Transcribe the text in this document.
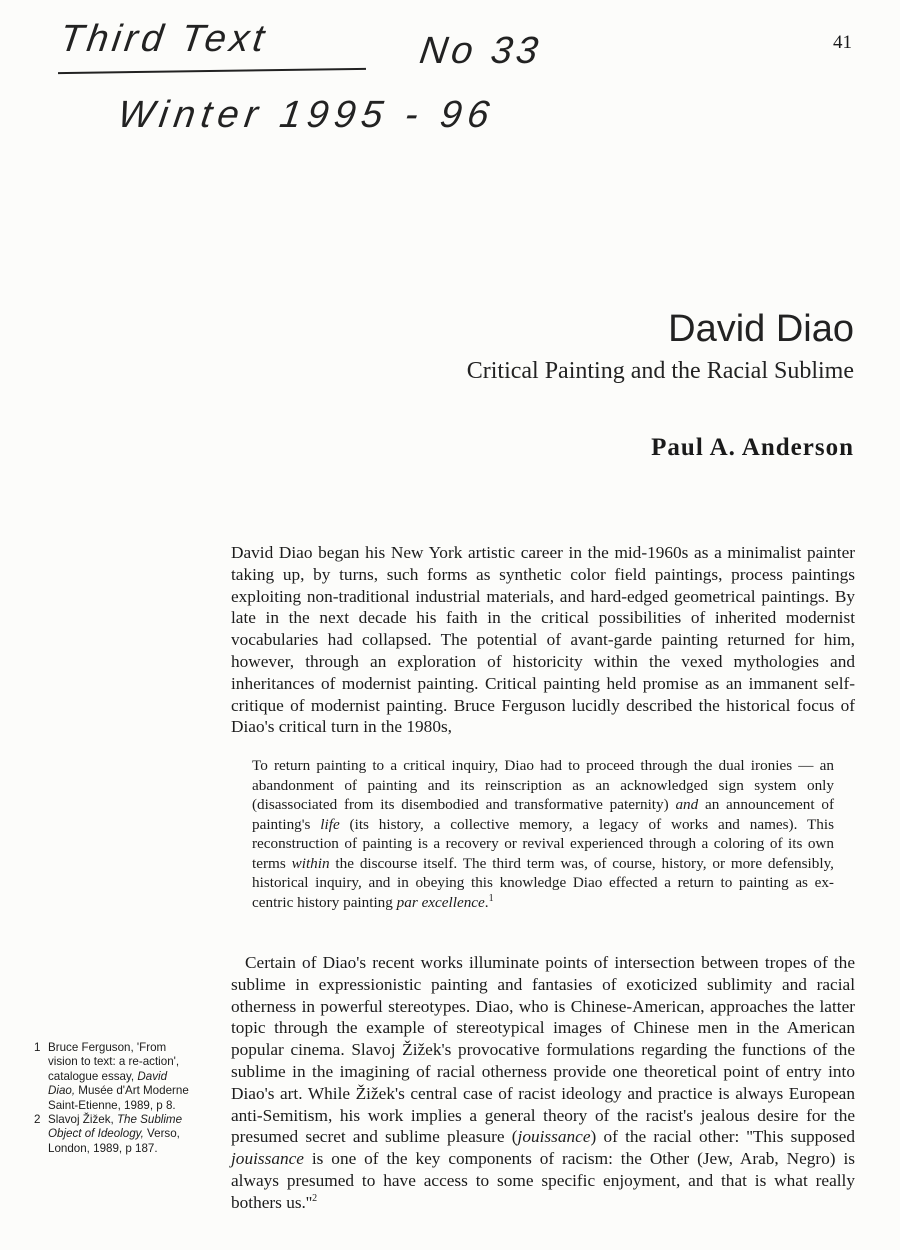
Third Text	No 33
Winter 1995 - 96
41
David Diao
Critical Painting and the Racial Sublime
Paul A. Anderson

David Diao began his New York artistic career in the mid-1960s as a minimalist painter taking up, by turns, such forms as synthetic color field paintings, process paintings exploiting non-traditional industrial materials, and hard-edged geometrical paintings. By late in the next decade his faith in the critical possibilities of inherited modernist vocabularies had collapsed. The potential of avant-garde painting returned for him, however, through an exploration of historicity within the vexed mythologies and inheritances of modernist painting. Critical painting held promise as an immanent self-critique of modernist painting. Bruce Ferguson lucidly described the historical focus of Diao's critical turn in the 1980s,

To return painting to a critical inquiry, Diao had to proceed through the dual ironies — an abandonment of painting and its reinscription as an acknowledged sign system only (disassociated from its disembodied and transformative paternity) and an announcement of painting's life (its history, a collective memory, a legacy of works and names). This reconstruction of painting is a recovery or revival experienced through a coloring of its own terms within the discourse itself. The third term was, of course, history, or more defensibly, historical inquiry, and in obeying this knowledge Diao effected a return to painting as ex-centric history painting par excellence.$^1$

Certain of Diao's recent works illuminate points of intersection between tropes of the sublime in expressionistic painting and fantasies of exoticized sublimity and racial otherness in powerful stereotypes. Diao, who is Chinese-American, approaches the latter topic through the example of stereotypical images of Chinese men in the American popular cinema. Slavoj Žižek's provocative formulations regarding the functions of the sublime in the imagining of racial otherness provide one theoretical point of entry into Diao's art. While Žižek's central case of racist ideology and practice is always European anti-Semitism, his work implies a general theory of the racist's jealous desire for the presumed secret and sublime pleasure (jouissance) of the racial other: ''This supposed jouissance is one of the key components of racism: the Other (Jew, Arab, Negro) is always presumed to have access to some specific enjoyment, and that is what really bothers $us.''^2$

1 Bruce Ferguson, 'From vision to text: a re-action', catalogue essay, David Diao, Musée d'Art Moderne Saint-Etienne, 1989, p 8.
2 Slavoj Žižek, The Sublime Object of Ideology, Verso, London, 1989, p 187.
